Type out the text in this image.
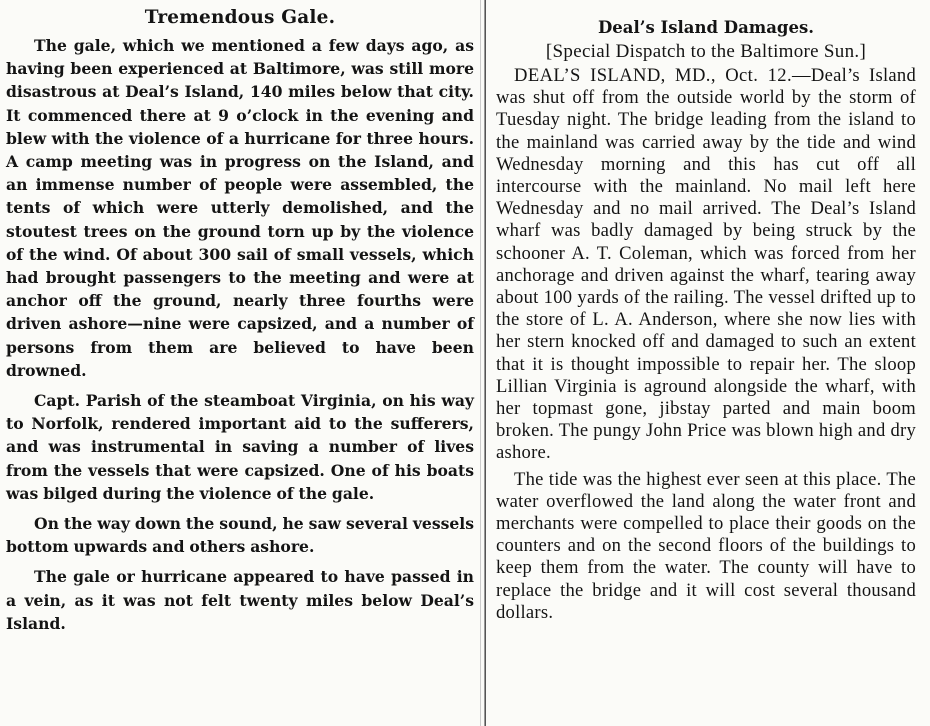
Tremendous Gale.

The gale, which we mentioned a few days ago, as having been experienced at Baltimore, was still more disastrous at Deal’s Island, 140 miles below that city. It commenced there at 9 o’clock in the evening and blew with the violence of a hurricane for three hours. A camp meeting was in progress on the Island, and an immense number of people were assembled, the tents of which were utterly demolished, and the stoutest trees on the ground torn up by the violence of the wind. Of about 300 sail of small vessels, which had brought passengers to the meeting and were at anchor off the ground, nearly three fourths were driven ashore—nine were capsized, and a number of persons from them are believed to have been drowned.

Capt. Parish of the steamboat Virginia, on his way to Norfolk, rendered important aid to the sufferers, and was instrumental in saving a number of lives from the vessels that were capsized. One of his boats was bilged during the violence of the gale.

On the way down the sound, he saw several vessels bottom upwards and others ashore.

The gale or hurricane appeared to have passed in a vein, as it was not felt twenty miles below Deal’s Island.

Deal’s Island Damages.
[Special Dispatch to the Baltimore Sun.]

DEAL’S ISLAND, MD., Oct. 12.—Deal’s Island was shut off from the outside world by the storm of Tuesday night. The bridge leading from the island to the mainland was carried away by the tide and wind Wednesday morning and this has cut off all intercourse with the mainland. No mail left here Wednesday and no mail arrived. The Deal’s Island wharf was badly damaged by being struck by the schooner A. T. Coleman, which was forced from her anchorage and driven against the wharf, tearing away about 100 yards of the railing. The vessel drifted up to the store of L. A. Anderson, where she now lies with her stern knocked off and damaged to such an extent that it is thought impossible to repair her. The sloop Lillian Virginia is aground alongside the wharf, with her topmast gone, jibstay parted and main boom broken. The pungy John Price was blown high and dry ashore.

The tide was the highest ever seen at this place. The water overflowed the land along the water front and merchants were compelled to place their goods on the counters and on the second floors of the buildings to keep them from the water. The county will have to replace the bridge and it will cost several thousand dollars.
